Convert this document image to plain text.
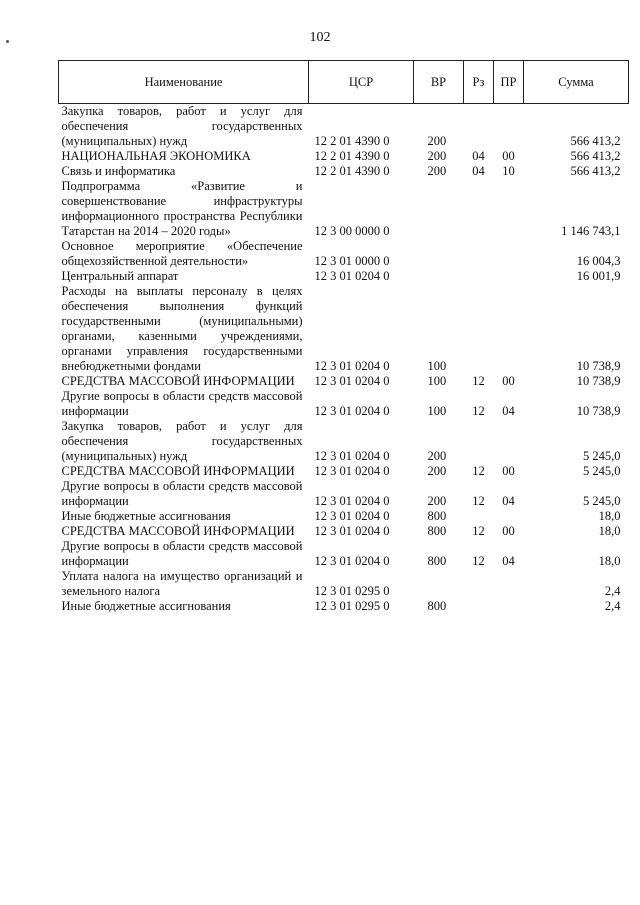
102
Наименование	ЦСР	ВР	Рз	ПР	Сумма
Закупка товаров, работ и услуг для обеспечения государственных (муниципальных) нужд	12 2 01 4390 0	200			566 413,2
НАЦИОНАЛЬНАЯ ЭКОНОМИКА	12 2 01 4390 0	200	04	00	566 413,2
Связь и информатика	12 2 01 4390 0	200	04	10	566 413,2
Подпрограмма «Развитие и совершенствование инфраструктуры информационного пространства Республики Татарстан на 2014 – 2020 годы»	12 3 00 0000 0				1 146 743,1
Основное мероприятие «Обеспечение общехозяйственной деятельности»	12 3 01 0000 0				16 004,3
Центральный аппарат	12 3 01 0204 0				16 001,9
Расходы на выплаты персоналу в целях обеспечения выполнения функций государственными (муниципальными) органами, казенными учреждениями, органами управления государственными внебюджетными фондами	12 3 01 0204 0	100			10 738,9
СРЕДСТВА МАССОВОЙ ИНФОРМАЦИИ	12 3 01 0204 0	100	12	00	10 738,9
Другие вопросы в области средств массовой информации	12 3 01 0204 0	100	12	04	10 738,9
Закупка товаров, работ и услуг для обеспечения государственных (муниципальных) нужд	12 3 01 0204 0	200			5 245,0
СРЕДСТВА МАССОВОЙ ИНФОРМАЦИИ	12 3 01 0204 0	200	12	00	5 245,0
Другие вопросы в области средств массовой информации	12 3 01 0204 0	200	12	04	5 245,0
Иные бюджетные ассигнования	12 3 01 0204 0	800			18,0
СРЕДСТВА МАССОВОЙ ИНФОРМАЦИИ	12 3 01 0204 0	800	12	00	18,0
Другие вопросы в области средств массовой информации	12 3 01 0204 0	800	12	04	18,0
Уплата налога на имущество организаций и земельного налога	12 3 01 0295 0				2,4
Иные бюджетные ассигнования	12 3 01 0295 0	800			2,4
